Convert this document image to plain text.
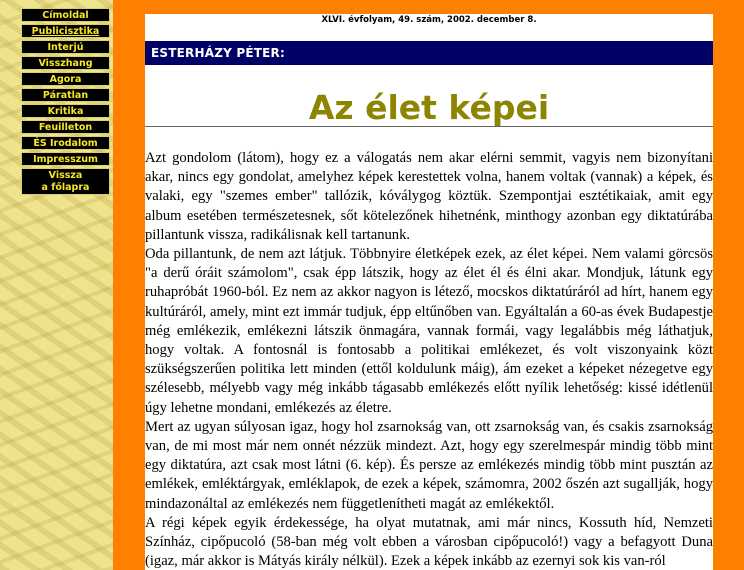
Címoldal
Publicisztika
Interjú
Visszhang
Agora
Páratlan
Kritika
Feuilleton
ÉS Irodalom
Impresszum
Vissza
a főlapra
XLVI. évfolyam, 49. szám, 2002. december 8.
ESTERHÁZY PÉTER:
Az élet képei

Azt gondolom (látom), hogy ez a válogatás nem akar elérni semmit, vagyis nem bizonyítani akar, nincs egy gondolat, amelyhez képek kerestettek volna, hanem voltak (vannak) a képek, és valaki, egy "szemes ember" tallózik, kóválygog köztük. Szempontjai esztétikaiak, amit egy album esetében természetesnek, sőt kötelezőnek hihetnénk, minthogy azonban egy diktatúrába pillantunk vissza, radikálisnak kell tartanunk.

Oda pillantunk, de nem azt látjuk. Többnyire életképek ezek, az élet képei. Nem valami görcsös "a derű óráit számolom", csak épp látszik, hogy az élet él és élni akar. Mondjuk, látunk egy ruhapróbát 1960-ból. Ez nem az akkor nagyon is létező, mocskos diktatúráról ad hírt, hanem egy kultúráról, amely, mint ezt immár tudjuk, épp eltűnőben van. Egyáltalán a 60-as évek Budapestje még emlékezik, emlékezni látszik önmagára, vannak formái, vagy legalábbis még láthatjuk, hogy voltak. A fontosnál is fontosabb a politikai emlékezet, és volt viszonyaink közt szükségszerűen politika lett minden (ettől koldulunk máig), ám ezeket a képeket nézegetve egy szélesebb, mélyebb vagy még inkább tágasabb emlékezés előtt nyílik lehetőség: kissé idétlenül úgy lehetne mondani, emlékezés az életre.

Mert az ugyan súlyosan igaz, hogy hol zsarnokság van, ott zsarnokság van, és csakis zsarnokság van, de mi most már nem onnét nézzük mindezt. Azt, hogy egy szerelmespár mindig több mint egy diktatúra, azt csak most látni (6. kép). És persze az emlékezés mindig több mint pusztán az emlékek, emléktárgyak, emléklapok, de ezek a képek, számomra, 2002 őszén azt sugallják, hogy mindazonáltal az emlékezés nem függetlenítheti magát az emlékektől.

A régi képek egyik érdekessége, ha olyat mutatnak, ami már nincs, Kossuth híd, Nemzeti Színház, cipőpucoló (58-ban még volt ebben a városban cipőpucoló!) vagy a befagyott Duna (igaz, már akkor is Mátyás király nélkül). Ezek a képek inkább az ezernyi sok kis van-ról
